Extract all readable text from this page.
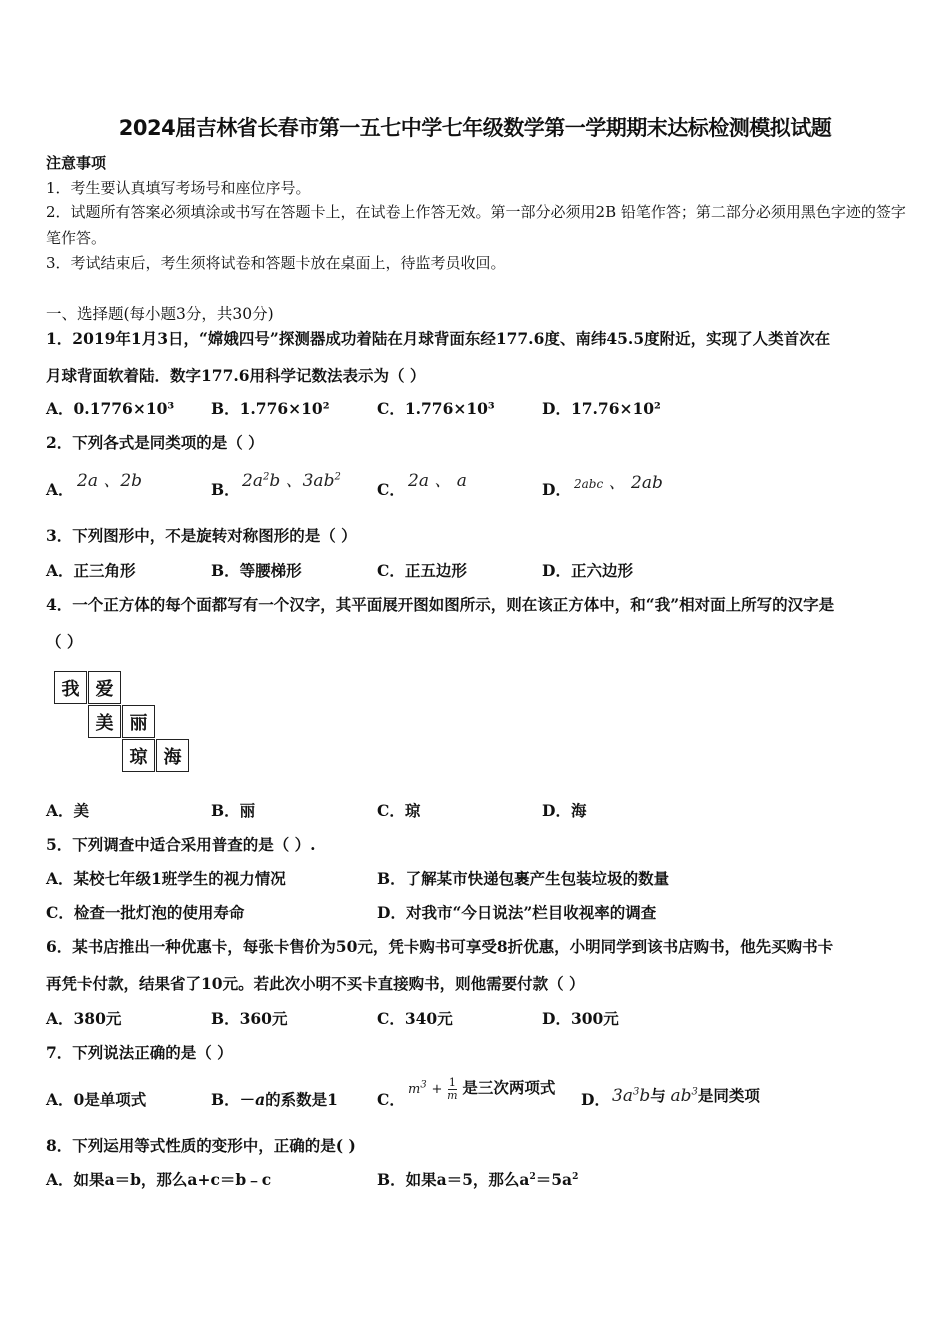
2024届吉林省长春市第一五七中学七年级数学第一学期期末达标检测模拟试题
注意事项
1．考生要认真填写考场号和座位序号。
2．试题所有答案必须填涂或书写在答题卡上，在试卷上作答无效。第一部分必须用2B 铅笔作答；第二部分必须用黑色字迹的签字笔作答。
3．考试结束后，考生须将试卷和答题卡放在桌面上，待监考员收回。
一、选择题(每小题3分，共30分)
1．2019年1月3日，“嫦娥四号”探测器成功着陆在月球背面东经177.6度、南纬45.5度附近，实现了人类首次在
月球背面软着陆．数字177.6用科学记数法表示为（ ）
A．0.1776×10³ B．1.776×10²	C．1.776×10³	D．17.76×10²
2．下列各式是同类项的是（ ）
A． 2a 、2b	B． $2a^2b$ 、$3ab^2$
C． 2a 、 a	D． 2abc 、 2ab
3．下列图形中，不是旋转对称图形的是（ ）
A．正三角形	B．等腰梯形	C．正五边形	D．正六边形
4．一个正方体的每个面都写有一个汉字，其平面展开图如图所示，则在该正方体中，和“我”相对面上所写的汉字是
（ ）
我 爱
美 丽
琼 海
A．美	B．丽	C．琼	D．海
5．下列调查中适合采用普查的是（ ）.
A．某校七年级1班学生的视力情况	B．了解某市快递包裹产生包装垃圾的数量
C．检查一批灯泡的使用寿命	D．对我市“今日说法”栏目收视率的调查
6．某书店推出一种优惠卡，每张卡售价为50元，凭卡购书可享受8折优惠，小明同学到该书店购书，他先买购书卡
再凭卡付款，结果省了10元。若此次小明不买卡直接购书，则他需要付款（ ）
A．380元	B．360元	C．340元	D．300元
7．下列说法正确的是（ ）
A．0是单项式	B．－a的系数是1	C．
$m^3 + \frac{1}{m}$ 是三次两项式
D． $3a^3b$与 $ab^3$是同类项
8．下列运用等式性质的变形中，正确的是( )
A．如果a＝b，那么a+c＝b﹣c	B．如果a＝5，那么$a^2=5a^2$
